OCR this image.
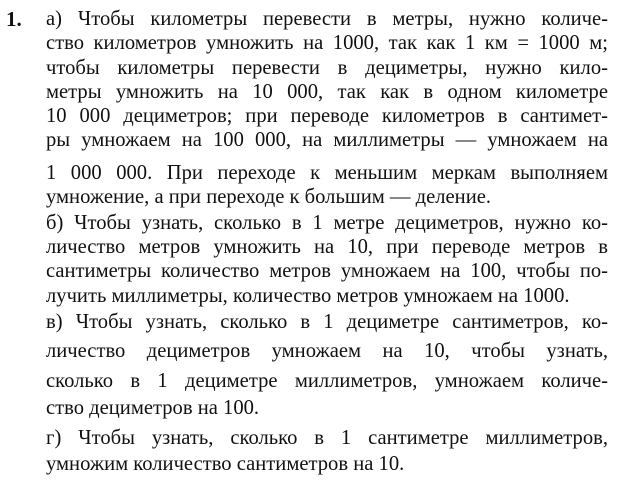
1. а) Чтобы километры перевести в метры, нужно количе-
ство километров умножить на 1000, так как 1 км = 1000 м;
чтобы километры перевести в дециметры, нужно кило-
метры умножить на 10 000, так как в одном километре
10 000 дециметров; при переводе километров в сантимет-
ры умножаем на 100 000, на миллиметры — умножаем на
1 000 000. При переходе к меньшим меркам выполняем
умножение, а при переходе к большим — деление.
б) Чтобы узнать, сколько в 1 метре дециметров, нужно ко-
личество метров умножить на 10, при переводе метров в
сантиметры количество метров умножаем на 100, чтобы по-
лучить миллиметры, количество метров умножаем на 1000.
в) Чтобы узнать, сколько в 1 дециметре сантиметров, ко-
личество дециметров умножаем на 10, чтобы узнать,
сколько в 1 дециметре миллиметров, умножаем количе-
ство дециметров на 100.
г) Чтобы узнать, сколько в 1 сантиметре миллиметров,
умножим количество сантиметров на 10.
